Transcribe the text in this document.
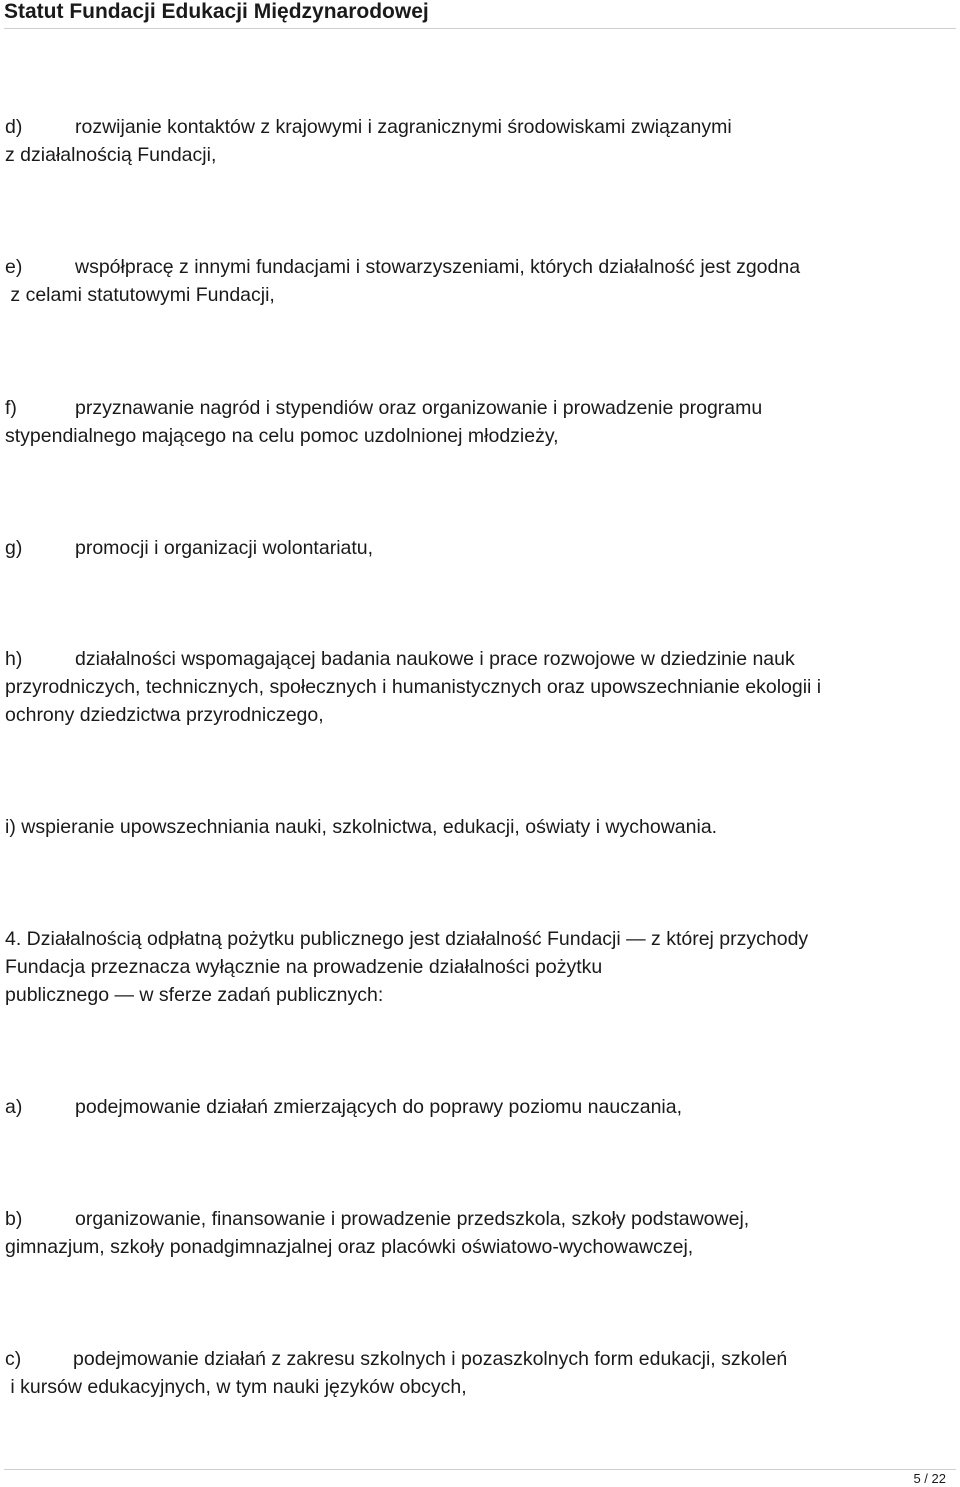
Statut Fundacji Edukacji Międzynarodowej
d)	rozwijanie kontaktów z krajowymi i zagranicznymi środowiskami związanymi
z działalnością Fundacji,
e)	współpracę z innymi fundacjami i stowarzyszeniami, których działalność jest zgodna
z celami statutowymi Fundacji,
f)	przyznawanie nagród i stypendiów oraz organizowanie i prowadzenie programu
stypendialnego mającego na celu pomoc uzdolnionej młodzieży,
g)	promocji i organizacji wolontariatu,
h)	działalności wspomagającej badania naukowe i prace rozwojowe w dziedzinie nauk
przyrodniczych, technicznych, społecznych i humanistycznych oraz upowszechnianie ekologii i
ochrony dziedzictwa przyrodniczego,
i) wspieranie upowszechniania nauki, szkolnictwa, edukacji, oświaty i wychowania.
4. Działalnością odpłatną pożytku publicznego jest działalność Fundacji — z której przychody
Fundacja przeznacza wyłącznie na prowadzenie działalności pożytku
publicznego — w sferze zadań publicznych:
a)	podejmowanie działań zmierzających do poprawy poziomu nauczania,
b)	organizowanie, finansowanie i prowadzenie przedszkola, szkoły podstawowej,
gimnazjum, szkoły ponadgimnazjalnej oraz placówki oświatowo-wychowawczej,
c)	podejmowanie działań z zakresu szkolnych i pozaszkolnych form edukacji, szkoleń
i kursów edukacyjnych, w tym nauki języków obcych,
5 / 22
